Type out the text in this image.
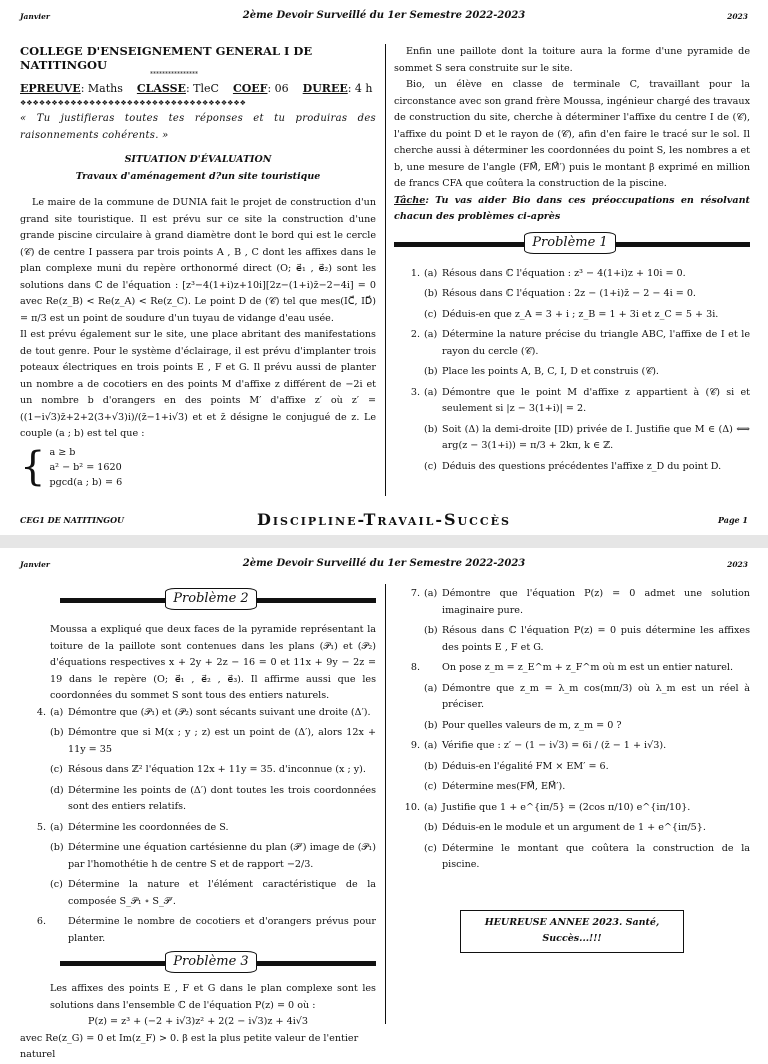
Janvier	2ème Devoir Surveillé du 1er Semestre 2022-2023	2023
COLLEGE D'ENSEIGNEMENT GENERAL I DE NATITINGOU
****************
EPREUVE: Maths CLASSE: TleC COEF: 06 DUREE: 4 h
❖❖❖❖❖❖❖❖❖❖❖❖❖❖❖❖❖❖❖❖❖❖❖❖❖❖❖❖❖❖❖❖❖❖❖❖
« Tu justifieras toutes tes réponses et tu produiras des raisonnements cohérents. »
SITUATION D'ÉVALUATION
Travaux d'aménagement d?un site touristique
Le maire de la commune de DUNIA fait le projet de construction d'un grand site touristique. Il est prévu sur ce site la construction d'une grande piscine circulaire à grand diamètre dont le bord qui est le cercle (𝒞) de centre I passera par trois points A , B , C dont les affixes dans le plan complexe muni du repère orthonormé direct (O; e⃗₁ , e⃗₂) sont les solutions dans ℂ de l'équation : [z³−4(1+i)z+10i][2z−(1+i)z̄−2−4i] = 0 avec Re(z_B) < Re(z_A) < Re(z_C). Le point D de (𝒞) tel que mes(IC⃗, ID⃗) = π/3 est un point de soudure d'un tuyau de vidange d'eau usée.
Il est prévu également sur le site, une place abritant des manifestations de tout genre. Pour le système d'éclairage, il est prévu d'implanter trois poteaux électriques en trois points E , F et G. Il prévu aussi de planter un nombre a de cocotiers en des points M d'affixe z différent de −2i et un nombre b d'orangers en des points M′ d'affixe z′ où z′ = ((1−i√3)z̄+2+2(3+√3)i)/(z̄−1+i√3) et et z̄ désigne le conjugué de z. Le couple (a ; b) est tel que :
{ a ≥ b
a² − b² = 1620
pgcd(a ; b) = 6
Enfin une paillote dont la toiture aura la forme d'une pyramide de sommet S sera construite sur le site.
Bio, un élève en classe de terminale C, travaillant pour la circonstance avec son grand frère Moussa, ingénieur chargé des travaux de construction du site, cherche à déterminer l'affixe du centre I de (𝒞), l'affixe du point D et le rayon de (𝒞), afin d'en faire le tracé sur le sol. Il cherche aussi à déterminer les coordonnées du point S, les nombres a et b, une mesure de l'angle (FM⃗, EM⃗′) puis le montant β exprimé en million de francs CFA que coûtera la construction de la piscine.
Tâche: Tu vas aider Bio dans ces préoccupations en résolvant chacun des problèmes ci-après
Problème 1
1. (a) Résous dans ℂ l'équation : z³ − 4(1+i)z + 10i = 0.
(b) Résous dans ℂ l'équation : 2z − (1+i)z̄ − 2 − 4i = 0.
(c) Déduis-en que z_A = 3 + i ; z_B = 1 + 3i et z_C = 5 + 3i.
2. (a) Détermine la nature précise du triangle ABC, l'affixe de I et le rayon du cercle (𝒞).
(b) Place les points A, B, C, I, D et construis (𝒞).
3. (a) Démontre que le point M d'affixe z appartient à (𝒞) si et seulement si |z − 3(1+i)| = 2.
(b) Soit (Δ) la demi-droite [ID) privée de I. Justifie que M ∈ (Δ) ⟺ arg(z − 3(1+i)) = π/3 + 2kπ, k ∈ ℤ.
(c) Déduis des questions précédentes l'affixe z_D du point D.
CEG1 DE NATITINGOU	Discipline-Travail-Succès	Page 1
Janvier	2ème Devoir Surveillé du 1er Semestre 2022-2023	2023
Problème 2
Moussa a expliqué que deux faces de la pyramide représentant la toiture de la paillote sont contenues dans les plans (𝒫₁) et (𝒫₂) d'équations respectives x + 2y + 2z − 16 = 0 et 11x + 9y − 2z = 19 dans le repère (O; e⃗₁ , e⃗₂ , e⃗₃). Il affirme aussi que les coordonnées du sommet S sont tous des entiers naturels.
4. (a) Démontre que (𝒫₁) et (𝒫₂) sont sécants suivant une droite (Δ′).
(b) Démontre que si M(x ; y ; z) est un point de (Δ′), alors 12x + 11y = 35
(c) Résous dans ℤ² l'équation 12x + 11y = 35. d'inconnue (x ; y).
(d) Détermine les points de (Δ′) dont toutes les trois coordonnées sont des entiers relatifs.
5. (a) Détermine les coordonnées de S.
(b) Détermine une équation cartésienne du plan (𝒫′) image de (𝒫₁) par l'homothétie h de centre S et de rapport −2/3.
(c) Détermine la nature et l'élément caractéristique de la composée S_𝒫₁ ∘ S_𝒫′.
6. Détermine le nombre de cocotiers et d'orangers prévus pour planter.
Problème 3
Les affixes des points E , F et G dans le plan complexe sont les solutions dans l'ensemble ℂ de l'équation P(z) = 0 où :
P(z) = z³ + (−2 + i√3)z² + 2(2 − i√3)z + 4i√3
avec Re(z_G) = 0 et Im(z_F) > 0. β est la plus petite valeur de l'entier naturel
7. (a) Démontre que l'équation P(z) = 0 admet une solution imaginaire pure.
(b) Résous dans ℂ l'équation P(z) = 0 puis détermine les affixes des points E , F et G.
8. On pose z_m = z_E^m + z_F^m où m est un entier naturel.
(a) Démontre que z_m = λ_m cos(mπ/3) où λ_m est un réel à préciser.
(b) Pour quelles valeurs de m, z_m = 0 ?
9. (a) Vérifie que : z′ − (1 − i√3) = 6i / (z̄ − 1 + i√3).
(b) Déduis-en l'égalité FM × EM′ = 6.
(c) Détermine mes(FM⃗, EM⃗′).
10. (a) Justifie que 1 + e^{iπ/5} = (2cos π/10) e^{iπ/10}.
(b) Déduis-en le module et un argument de 1 + e^{iπ/5}.
(c) Détermine le montant que coûtera la construction de la piscine.
HEUREUSE ANNEE 2023. Santé, Succès...!!!
